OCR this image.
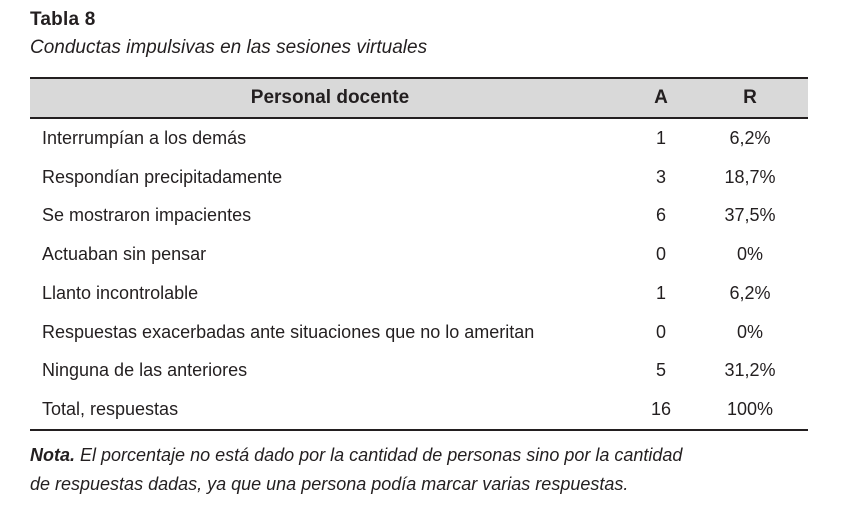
Tabla 8
Conductas impulsivas en las sesiones virtuales
Personal docente	A	R
Interrumpían a los demás	1	6,2%
Respondían precipitadamente	3	18,7%
Se mostraron impacientes	6	37,5%
Actuaban sin pensar	0	0%
Llanto incontrolable	1	6,2%
Respuestas exacerbadas ante situaciones que no lo ameritan	0	0%
Ninguna de las anteriores	5	31,2%
Total, respuestas	16	100%
Nota. El porcentaje no está dado por la cantidad de personas sino por la cantidad
de respuestas dadas, ya que una persona podía marcar varias respuestas.
